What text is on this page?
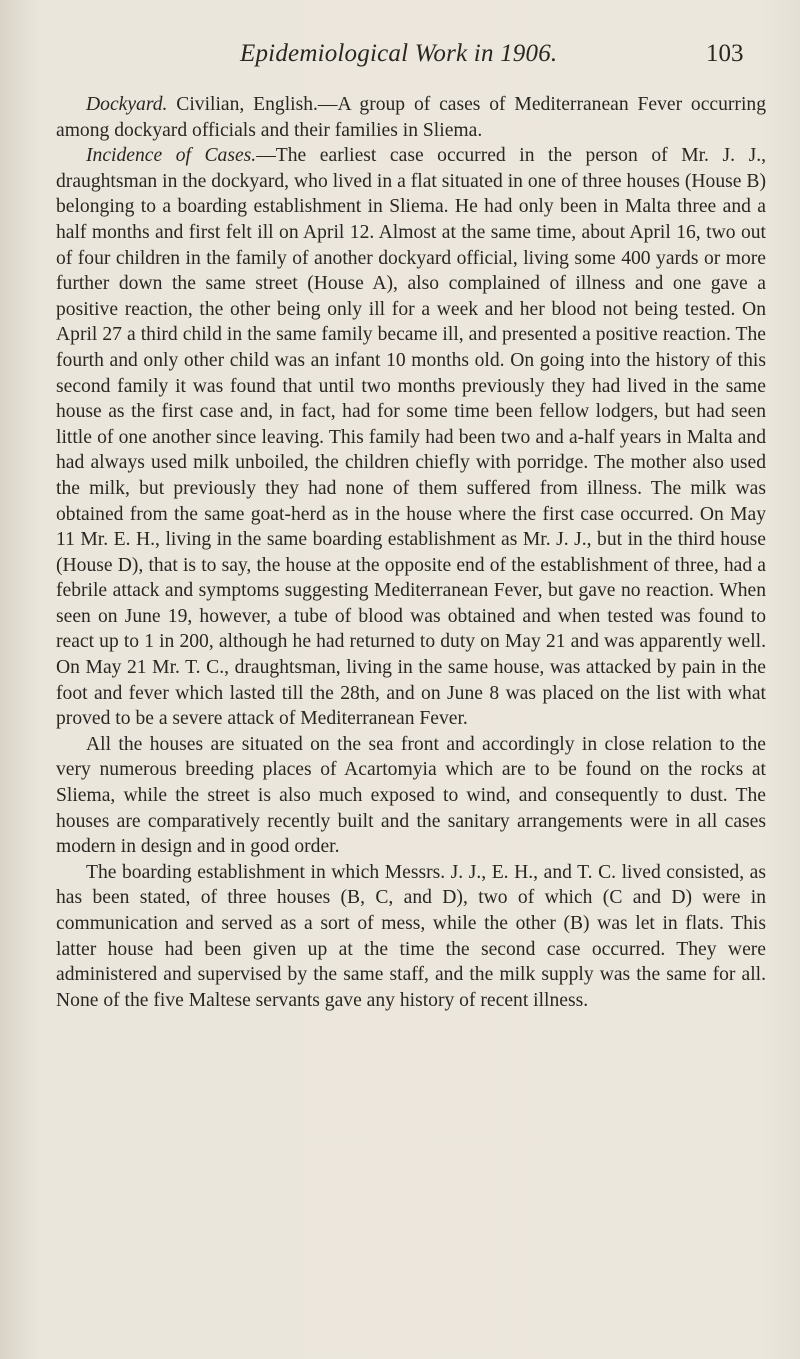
Epidemiological Work in 1906.	103

Dockyard. Civilian, English.—A group of cases of Mediterranean Fever occurring among dockyard officials and their families in Sliema.

Incidence of Cases.—The earliest case occurred in the person of Mr. J. J., draughtsman in the dockyard, who lived in a flat situated in one of three houses (House B) belonging to a boarding establishment in Sliema. He had only been in Malta three and a half months and first felt ill on April 12. Almost at the same time, about April 16, two out of four children in the family of another dockyard official, living some 400 yards or more further down the same street (House A), also complained of illness and one gave a positive reaction, the other being only ill for a week and her blood not being tested. On April 27 a third child in the same family became ill, and presented a positive reaction. The fourth and only other child was an infant 10 months old. On going into the history of this second family it was found that until two months previously they had lived in the same house as the first case and, in fact, had for some time been fellow lodgers, but had seen little of one another since leaving. This family had been two and a-half years in Malta and had always used milk unboiled, the children chiefly with porridge. The mother also used the milk, but previously they had none of them suffered from illness. The milk was obtained from the same goat-herd as in the house where the first case occurred. On May 11 Mr. E. H., living in the same boarding establishment as Mr. J. J., but in the third house (House D), that is to say, the house at the opposite end of the establishment of three, had a febrile attack and symptoms suggesting Mediterranean Fever, but gave no reaction. When seen on June 19, however, a tube of blood was obtained and when tested was found to react up to 1 in 200, although he had returned to duty on May 21 and was apparently well. On May 21 Mr. T. C., draughtsman, living in the same house, was attacked by pain in the foot and fever which lasted till the 28th, and on June 8 was placed on the list with what proved to be a severe attack of Mediterranean Fever.

All the houses are situated on the sea front and accordingly in close relation to the very numerous breeding places of Acartomyia which are to be found on the rocks at Sliema, while the street is also much exposed to wind, and consequently to dust. The houses are comparatively recently built and the sanitary arrangements were in all cases modern in design and in good order.

The boarding establishment in which Messrs. J. J., E. H., and T. C. lived consisted, as has been stated, of three houses (B, C, and D), two of which (C and D) were in communication and served as a sort of mess, while the other (B) was let in flats. This latter house had been given up at the time the second case occurred. They were administered and supervised by the same staff, and the milk supply was the same for all. None of the five Maltese servants gave any history of recent illness.
